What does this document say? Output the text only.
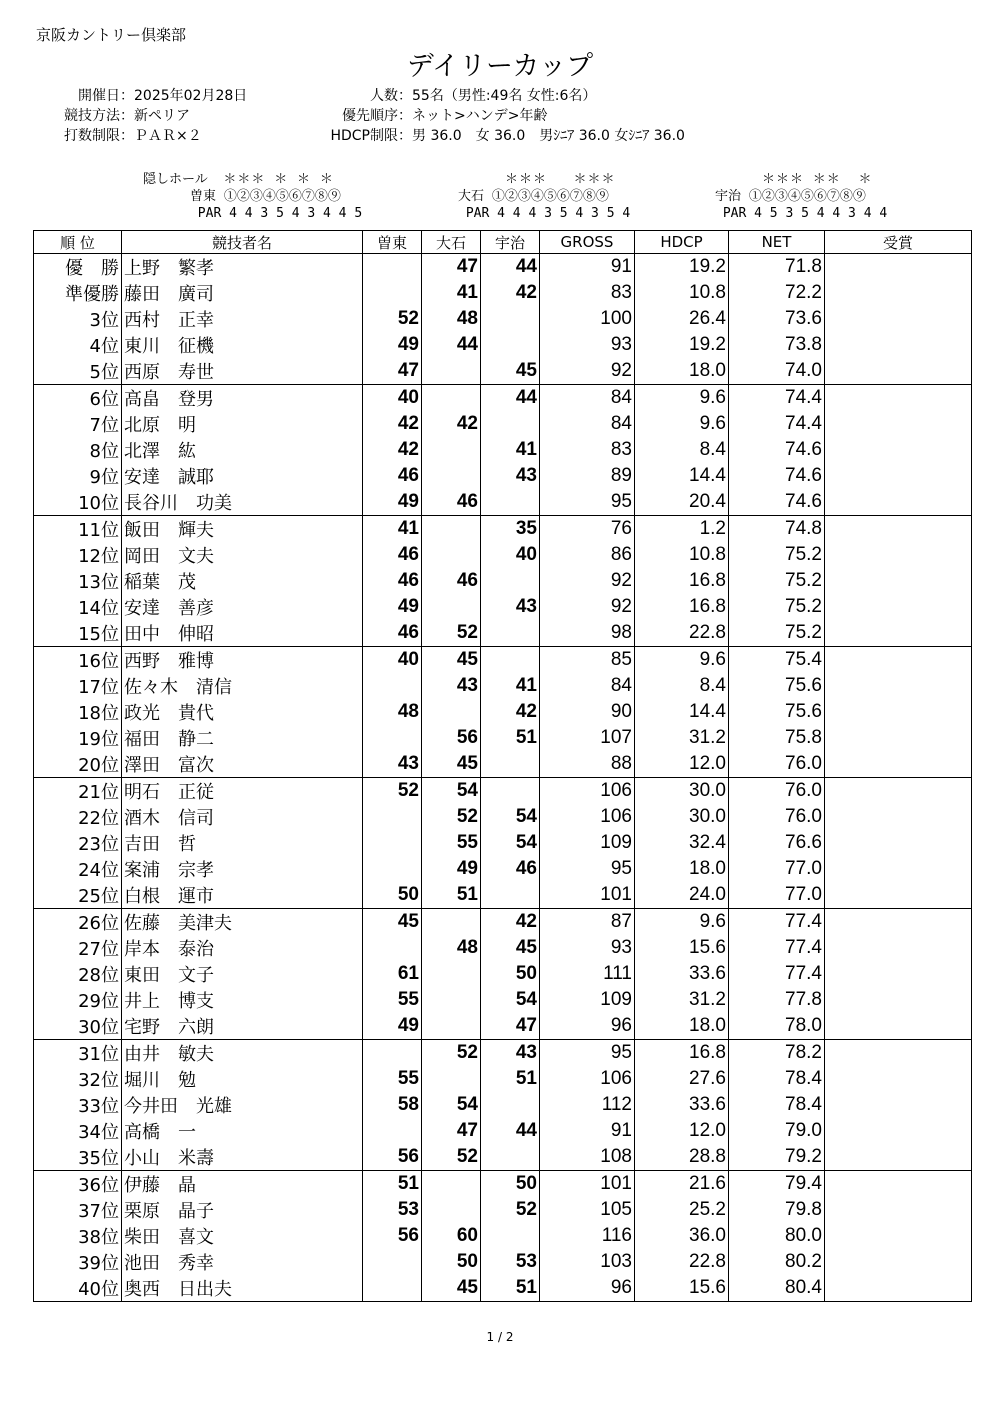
京阪カントリー倶楽部
デイリーカップ
開催日 ： 2025年02月28日
競技方法 ： 新ペリア
打数制限 ： ＰＡＲ×２
人数 ： 55名（男性:49名 女性:6名）
優先順序 ： ネット>ハンデ>年齢
HDCP制限 ： 男 36.0　女 36.0　男ｼﾆｱ 36.0 女ｼﾆｱ 36.0
隠しホール ＊＊＊ ＊ ＊ ＊
曽東 ①②③④⑤⑥⑦⑧⑨
PAR 4 4 3 5 4 3 4 4 5
＊＊＊   ＊＊＊
大石 ①②③④⑤⑥⑦⑧⑨
PAR 4 4 4 3 5 4 3 5 4
＊＊＊ ＊＊  ＊
宇治 ①②③④⑤⑥⑦⑧⑨
PAR 4 5 3 5 4 4 3 4 4
順 位	競技者名	曽東	大石	宇治	GROSS	HDCP	NET	受賞
優　勝	上野　繁孝		47	44	91	19.2	71.8	
準優勝	藤田　廣司		41	42	83	10.8	72.2	
3位	西村　正幸	52	48		100	26.4	73.6	
4位	東川　征機	49	44		93	19.2	73.8	
5位	西原　寿世	47		45	92	18.0	74.0	
6位	高畠　登男	40		44	84	9.6	74.4	
7位	北原　明	42	42		84	9.6	74.4	
8位	北澤　紘	42		41	83	8.4	74.6	
9位	安達　誠耶	46		43	89	14.4	74.6	
10位	長谷川　功美	49	46		95	20.4	74.6	
11位	飯田　輝夫	41		35	76	1.2	74.8	
12位	岡田　文夫	46		40	86	10.8	75.2	
13位	稲葉　茂	46	46		92	16.8	75.2	
14位	安達　善彦	49		43	92	16.8	75.2	
15位	田中　伸昭	46	52		98	22.8	75.2	
16位	西野　雅博	40	45		85	9.6	75.4	
17位	佐々木　清信		43	41	84	8.4	75.6	
18位	政光　貴代	48		42	90	14.4	75.6	
19位	福田　静二		56	51	107	31.2	75.8	
20位	澤田　富次	43	45		88	12.0	76.0	
21位	明石　正従	52	54		106	30.0	76.0	
22位	酒木　信司		52	54	106	30.0	76.0	
23位	吉田　哲		55	54	109	32.4	76.6	
24位	案浦　宗孝		49	46	95	18.0	77.0	
25位	白根　運市	50	51		101	24.0	77.0	
26位	佐藤　美津夫	45		42	87	9.6	77.4	
27位	岸本　泰治		48	45	93	15.6	77.4	
28位	東田　文子	61		50	111	33.6	77.4	
29位	井上　博支	55		54	109	31.2	77.8	
30位	宅野　六朗	49		47	96	18.0	78.0	
31位	由井　敏夫		52	43	95	16.8	78.2	
32位	堀川　勉	55		51	106	27.6	78.4	
33位	今井田　光雄	58	54		112	33.6	78.4	
34位	高橋　一		47	44	91	12.0	79.0	
35位	小山　米壽	56	52		108	28.8	79.2	
36位	伊藤　晶	51		50	101	21.6	79.4	
37位	栗原　晶子	53		52	105	25.2	79.8	
38位	柴田　喜文	56	60		116	36.0	80.0	
39位	池田　秀幸		50	53	103	22.8	80.2	
40位	奥西　日出夫		45	51	96	15.6	80.4	
1 / 2
